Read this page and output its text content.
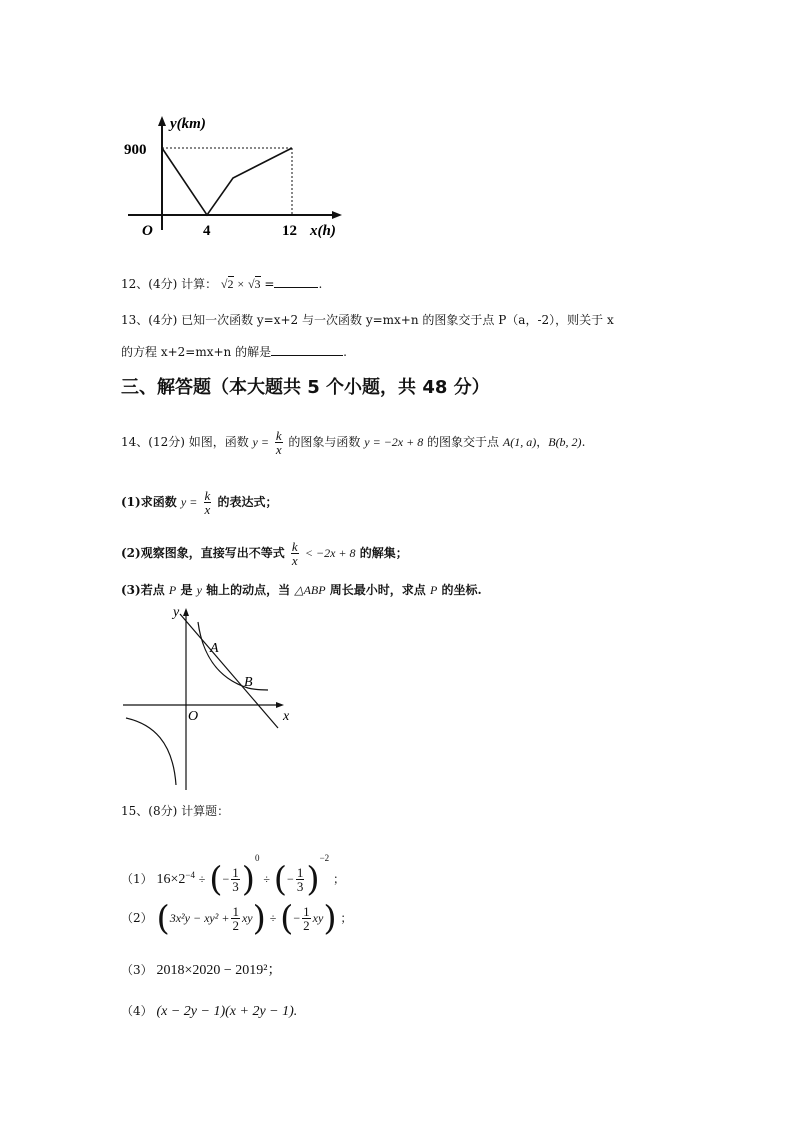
y(km)
900
O	4	12 x(h)
12、(4分) 计算： √2 × √3 =	.
13、(4分) 已知一次函数 y=x+2 与一次函数 y=mx+n 的图象交于点 P（a，-2），则关于 x
的方程 x+2=mx+n 的解是	.
三、解答题（本大题共 5 个小题，共 48 分）
14、(12分) 如图，函数 $y = \frac{k}{x}$ 的图象与函数 y = −2x + 8 的图象交于点 A(1, a)，B(b, 2).
(1)求函数 $y = \frac{k}{x}$ 的表达式；
(2)观察图象，直接写出不等式 $\frac{k}{x} < -2x + 8$ 的解集；
(3)若点 P 是 y 轴上的动点，当 △ABP 周长最小时，求点 P 的坐标.
y
x
O
A
B
15、(8分) 计算题：
（1） $16\times 2^{-4}$ ÷ (− $\frac{1}{3} )^0$ ÷ (− $\frac{1}{3} )^{-2}$ ；
（2） $(3x^2y - xy^2 + \frac{1}{2} xy)$ ÷ (− $\frac{1}{2} xy$) ；
（3） 2018×2020 − 2019²；
（4） (x − 2y − 1)(x + 2y − 1).
